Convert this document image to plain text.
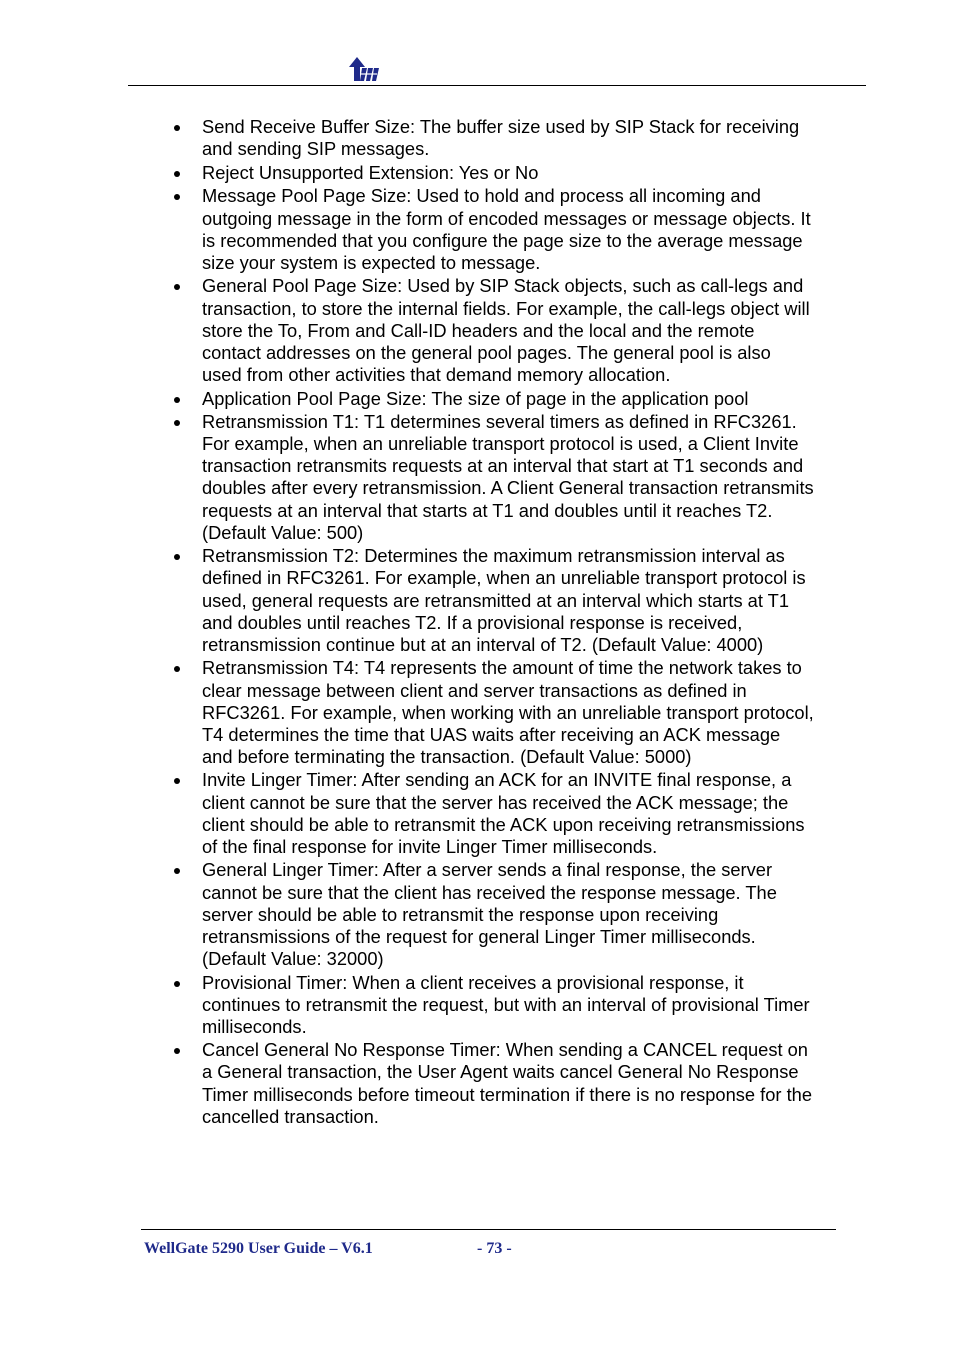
Send Receive Buffer Size: The buffer size used by SIP Stack for receiving and sending SIP messages.
Reject Unsupported Extension: Yes or No
Message Pool Page Size: Used to hold and process all incoming and outgoing message in the form of encoded messages or message objects. It is recommended that you configure the page size to the average message size your system is expected to message.
General Pool Page Size: Used by SIP Stack objects, such as call-legs and transaction, to store the internal fields. For example, the call-legs object will store the To, From and Call-ID headers and the local and the remote contact addresses on the general pool pages. The general pool is also used from other activities that demand memory allocation.
Application Pool Page Size: The size of page in the application pool
Retransmission T1: T1 determines several timers as defined in RFC3261. For example, when an unreliable transport protocol is used, a Client Invite transaction retransmits requests at an interval that start at T1 seconds and doubles after every retransmission. A Client General transaction retransmits requests at an interval that starts at T1 and doubles until it reaches T2. (Default Value: 500)
Retransmission T2: Determines the maximum retransmission interval as defined in RFC3261. For example, when an unreliable transport protocol is used, general requests are retransmitted at an interval which starts at T1 and doubles until reaches T2. If a provisional response is received, retransmission continue but at an interval of T2. (Default Value: 4000)
Retransmission T4: T4 represents the amount of time the network takes to clear message between client and server transactions as defined in RFC3261. For example, when working with an unreliable transport protocol, T4 determines the time that UAS waits after receiving an ACK message and before terminating the transaction. (Default Value: 5000)
Invite Linger Timer: After sending an ACK for an INVITE final response, a client cannot be sure that the server has received the ACK message; the client should be able to retransmit the ACK upon receiving retransmissions of the final response for invite Linger Timer milliseconds.
General Linger Timer: After a server sends a final response, the server cannot be sure that the client has received the response message. The server should be able to retransmit the response upon receiving retransmissions of the request for general Linger Timer milliseconds. (Default Value: 32000)
Provisional Timer: When a client receives a provisional response, it continues to retransmit the request, but with an interval of provisional Timer milliseconds.
Cancel General No Response Timer: When sending a CANCEL request on a General transaction, the User Agent waits cancel General No Response Timer milliseconds before timeout termination if there is no response for the cancelled transaction.
WellGate 5290 User Guide – V6.1	- 73 -
